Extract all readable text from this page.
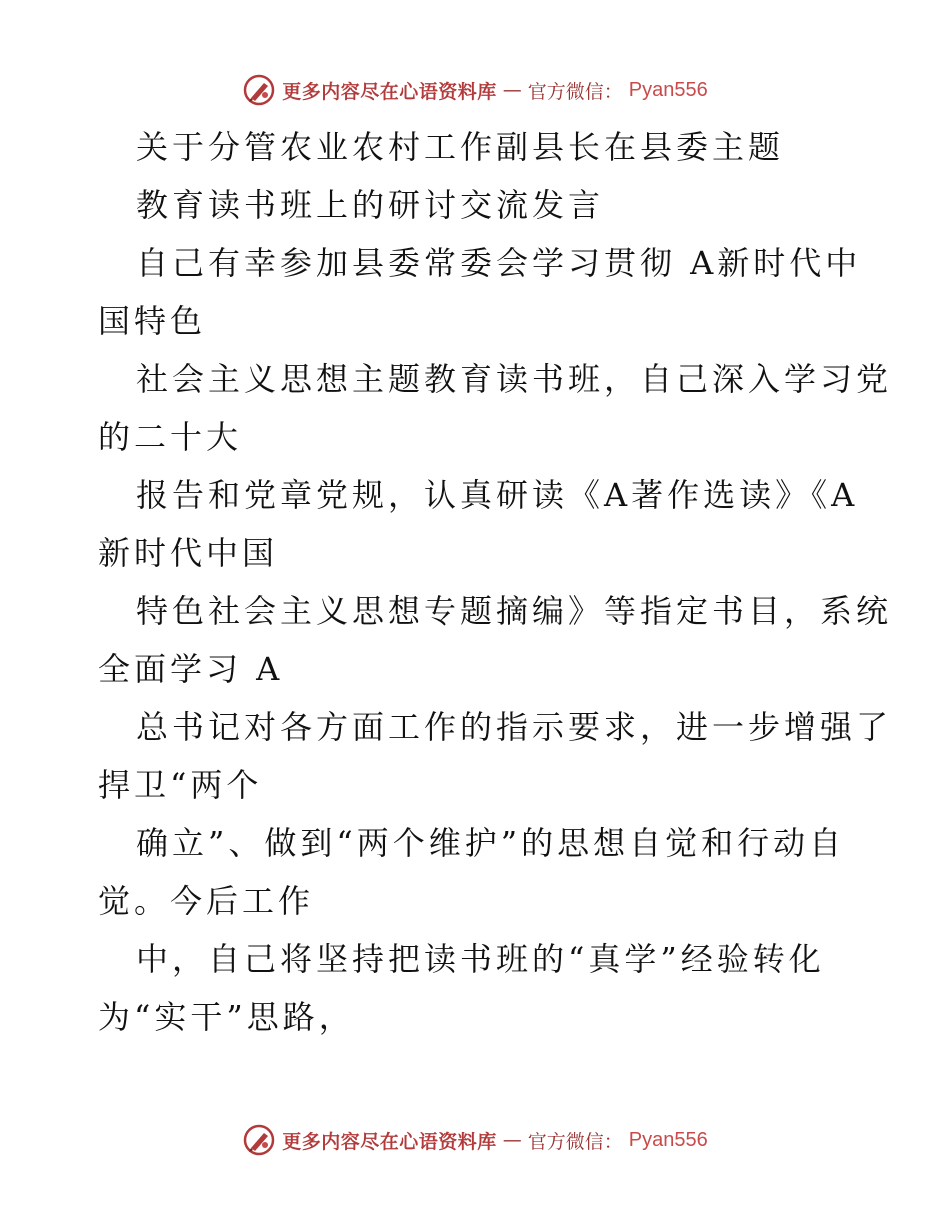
更多内容尽在心语资料库 — 官方微信： Pyan556

关于分管农业农村工作副县长在县委主题

教育读书班上的研讨交流发言

自己有幸参加县委常委会学习贯彻 A新时代中
国特色

社会主义思想主题教育读书班，自己深入学习党
的二十大

报告和党章党规，认真研读《A著作选读》《A
新时代中国

特色社会主义思想专题摘编》等指定书目，系统
全面学习 A

总书记对各方面工作的指示要求，进一步增强了
捍卫“两个

确立”、做到“两个维护”的思想自觉和行动自
觉。今后工作

中，自己将坚持把读书班的“真学”经验转化
为“实干”思路，

更多内容尽在心语资料库 — 官方微信： Pyan556
